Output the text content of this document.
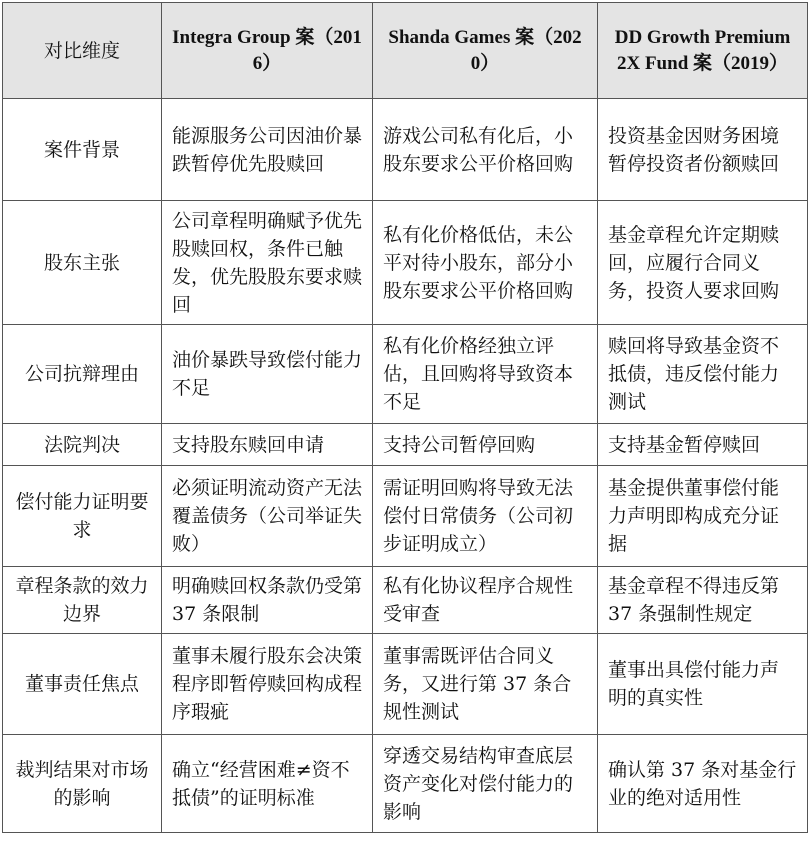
对比维度	Integra Group 案（2016）	Shanda Games 案（2020）	DD Growth Premium 2X Fund 案（2019）
案件背景	能源服务公司因油价暴跌暂停优先股赎回	游戏公司私有化后，小股东要求公平价格回购	投资基金因财务困境暂停投资者份额赎回
股东主张	公司章程明确赋予优先股赎回权，条件已触发，优先股股东要求赎回	私有化价格低估，未公平对待小股东，部分小股东要求公平价格回购	基金章程允许定期赎回，应履行合同义务，投资人要求回购
公司抗辩理由	油价暴跌导致偿付能力不足	私有化价格经独立评估，且回购将导致资本不足	赎回将导致基金资不抵债，违反偿付能力测试
法院判决	支持股东赎回申请	支持公司暂停回购	支持基金暂停赎回
偿付能力证明要求	必须证明流动资产无法覆盖债务（公司举证失败）	需证明回购将导致无法偿付日常债务（公司初步证明成立）	基金提供董事偿付能力声明即构成充分证据
章程条款的效力边界	明确赎回权条款仍受第 37 条限制	私有化协议程序合规性受审查	基金章程不得违反第 37 条强制性规定
董事责任焦点	董事未履行股东会决策程序即暂停赎回构成程序瑕疵	董事需既评估合同义务，又进行第 37 条合规性测试	董事出具偿付能力声明的真实性
裁判结果对市场的影响	确立“经营困难≠资不抵债”的证明标准	穿透交易结构审查底层资产变化对偿付能力的影响	确认第 37 条对基金行业的绝对适用性
